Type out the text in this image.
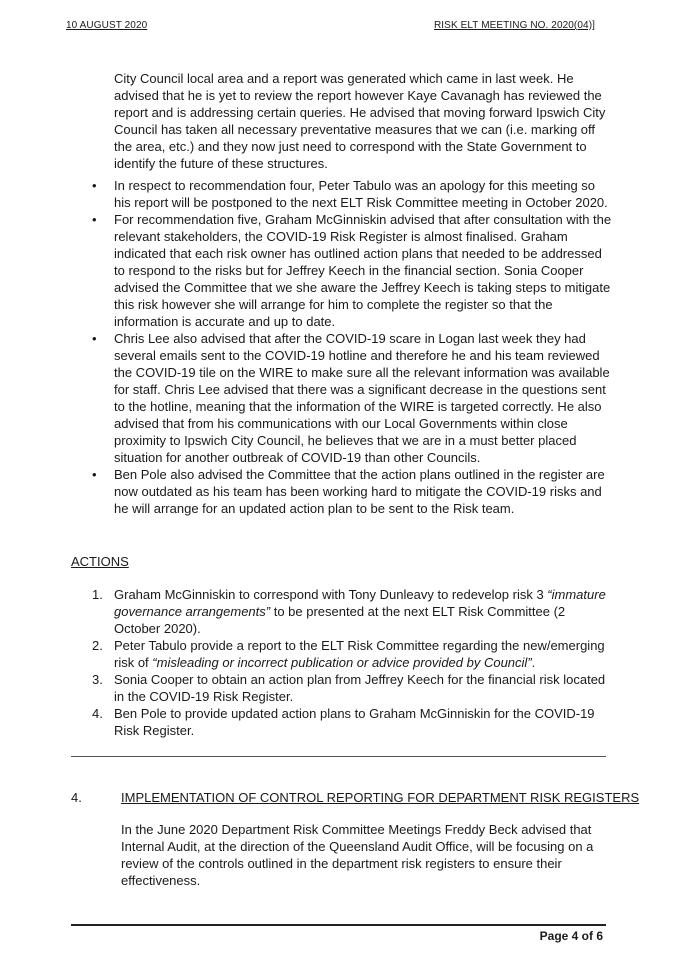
10 AUGUST 2020	RISK ELT MEETING NO. 2020(04)]

City Council local area and a report was generated which came in last week. He advised that he is yet to review the report however Kaye Cavanagh has reviewed the report and is addressing certain queries. He advised that moving forward Ipswich City Council has taken all necessary preventative measures that we can (i.e. marking off the area, etc.) and they now just need to correspond with the State Government to identify the future of these structures.

• In respect to recommendation four, Peter Tabulo was an apology for this meeting so his report will be postponed to the next ELT Risk Committee meeting in October 2020.
• For recommendation five, Graham McGinniskin advised that after consultation with the relevant stakeholders, the COVID-19 Risk Register is almost finalised. Graham indicated that each risk owner has outlined action plans that needed to be addressed to respond to the risks but for Jeffrey Keech in the financial section. Sonia Cooper advised the Committee that we she aware the Jeffrey Keech is taking steps to mitigate this risk however she will arrange for him to complete the register so that the information is accurate and up to date.
• Chris Lee also advised that after the COVID-19 scare in Logan last week they had several emails sent to the COVID-19 hotline and therefore he and his team reviewed the COVID-19 tile on the WIRE to make sure all the relevant information was available for staff. Chris Lee advised that there was a significant decrease in the questions sent to the hotline, meaning that the information of the WIRE is targeted correctly. He also advised that from his communications with our Local Governments within close proximity to Ipswich City Council, he believes that we are in a must better placed situation for another outbreak of COVID-19 than other Councils.
• Ben Pole also advised the Committee that the action plans outlined in the register are now outdated as his team has been working hard to mitigate the COVID-19 risks and he will arrange for an updated action plan to be sent to the Risk team.
ACTIONS
1. Graham McGinniskin to correspond with Tony Dunleavy to redevelop risk 3 “immature governance arrangements” to be presented at the next ELT Risk Committee (2 October 2020).
2. Peter Tabulo provide a report to the ELT Risk Committee regarding the new/emerging risk of “misleading or incorrect publication or advice provided by Council”.
3. Sonia Cooper to obtain an action plan from Jeffrey Keech for the financial risk located in the COVID-19 Risk Register.
4. Ben Pole to provide updated action plans to Graham McGinniskin for the COVID-19 Risk Register.
4.	IMPLEMENTATION OF CONTROL REPORTING FOR DEPARTMENT RISK REGISTERS

In the June 2020 Department Risk Committee Meetings Freddy Beck advised that Internal Audit, at the direction of the Queensland Audit Office, will be focusing on a review of the controls outlined in the department risk registers to ensure their effectiveness.

Page 4 of 6
